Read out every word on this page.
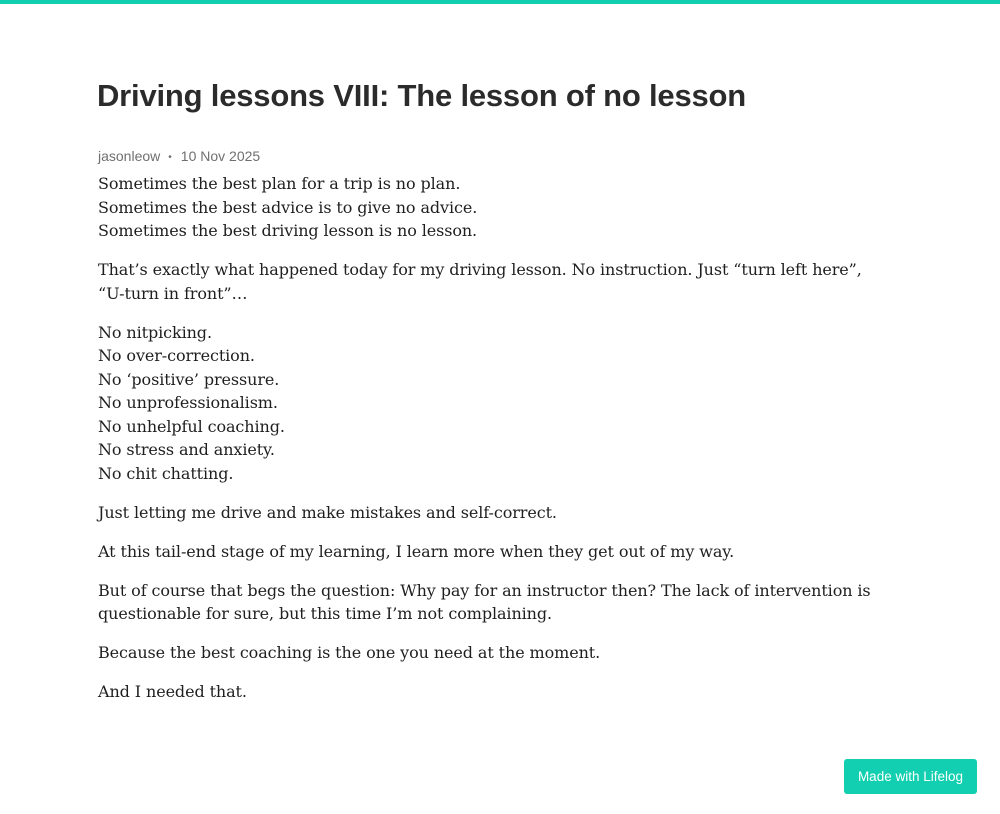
Driving lessons VIII: The lesson of no lesson
jasonleow • 10 Nov 2025

Sometimes the best plan for a trip is no plan.
Sometimes the best advice is to give no advice.
Sometimes the best driving lesson is no lesson.

That’s exactly what happened today for my driving lesson. No instruction. Just “turn left here”, “U-turn in front”…

No nitpicking.
No over-correction.
No ‘positive’ pressure.
No unprofessionalism.
No unhelpful coaching.
No stress and anxiety.
No chit chatting.

Just letting me drive and make mistakes and self-correct.

At this tail-end stage of my learning, I learn more when they get out of my way.

But of course that begs the question: Why pay for an instructor then? The lack of intervention is questionable for sure, but this time I’m not complaining.

Because the best coaching is the one you need at the moment.

And I needed that.

Made with Lifelog
